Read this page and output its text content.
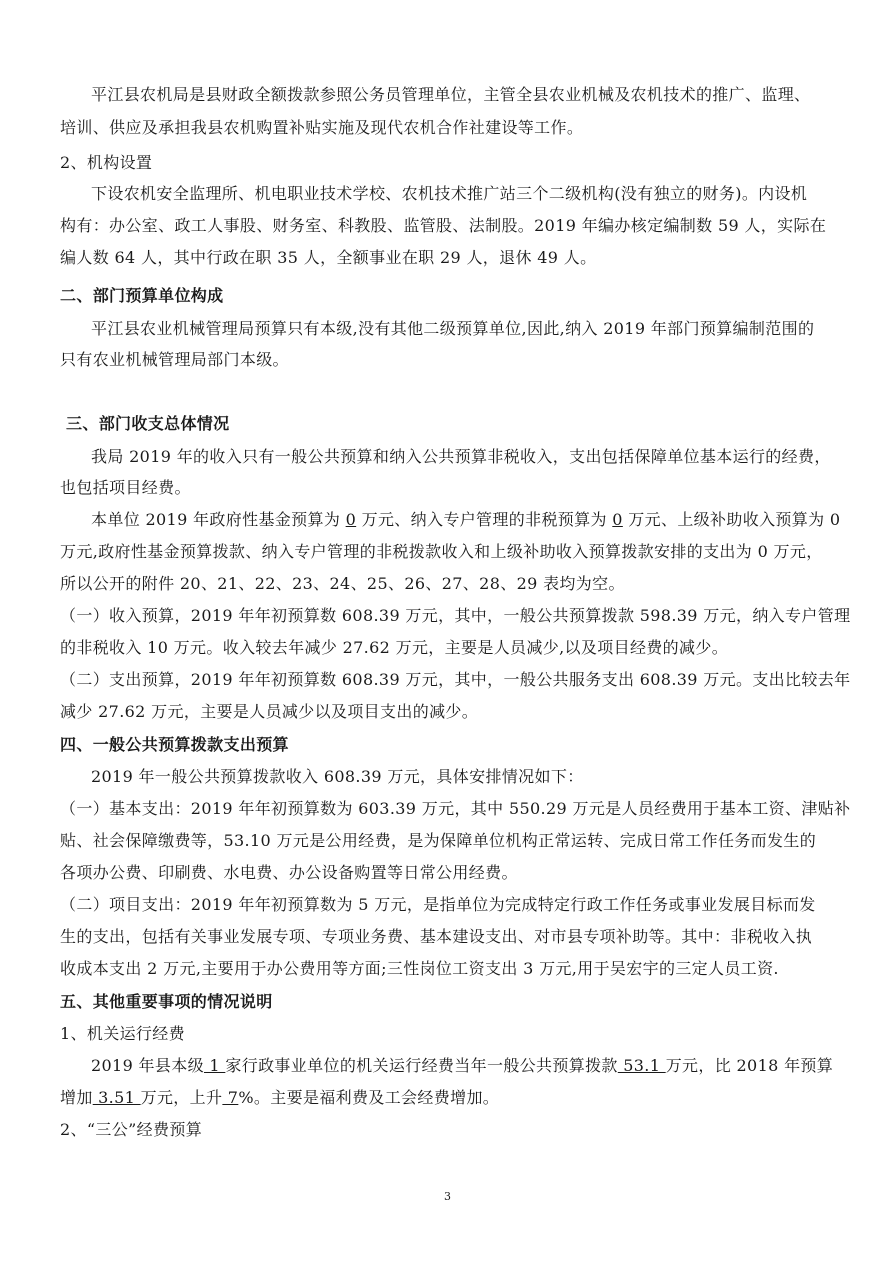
平江县农机局是县财政全额拨款参照公务员管理单位，主管全县农业机械及农机技术的推广、监理、
培训、供应及承担我县农机购置补贴实施及现代农机合作社建设等工作。
2、机构设置
下设农机安全监理所、机电职业技术学校、农机技术推广站三个二级机构(没有独立的财务)。内设机
构有：办公室、政工人事股、财务室、科教股、监管股、法制股。2019 年编办核定编制数 59 人，实际在
编人数 64 人，其中行政在职 35 人，全额事业在职 29 人，退休 49 人。
二、部门预算单位构成
平江县农业机械管理局预算只有本级,没有其他二级预算单位,因此,纳入 2019 年部门预算编制范围的
只有农业机械管理局部门本级。
三、部门收支总体情况
我局 2019 年的收入只有一般公共预算和纳入公共预算非税收入，支出包括保障单位基本运行的经费，
也包括项目经费。
本单位 2019 年政府性基金预算为 0 万元、纳入专户管理的非税预算为 0 万元、上级补助收入预算为 0
万元,政府性基金预算拨款、纳入专户管理的非税拨款收入和上级补助收入预算拨款安排的支出为 0 万元，
所以公开的附件 20、21、22、23、24、25、26、27、28、29 表均为空。
（一）收入预算，2019 年年初预算数 608.39 万元，其中，一般公共预算拨款 598.39 万元，纳入专户管理
的非税收入 10 万元。收入较去年减少 27.62 万元，主要是人员减少,以及项目经费的减少。
（二）支出预算，2019 年年初预算数 608.39 万元，其中，一般公共服务支出 608.39 万元。支出比较去年
减少 27.62 万元，主要是人员减少以及项目支出的减少。
四、一般公共预算拨款支出预算
2019 年一般公共预算拨款收入 608.39 万元，具体安排情况如下：
（一）基本支出：2019 年年初预算数为 603.39 万元，其中 550.29 万元是人员经费用于基本工资、津贴补
贴、社会保障缴费等，53.10 万元是公用经费，是为保障单位机构正常运转、完成日常工作任务而发生的
各项办公费、印刷费、水电费、办公设备购置等日常公用经费。
（二）项目支出：2019 年年初预算数为 5 万元，是指单位为完成特定行政工作任务或事业发展目标而发
生的支出，包括有关事业发展专项、专项业务费、基本建设支出、对市县专项补助等。其中：非税收入执
收成本支出 2 万元,主要用于办公费用等方面;三性岗位工资支出 3 万元,用于吴宏宇的三定人员工资.
五、其他重要事项的情况说明
1、机关运行经费
2019 年县本级 1 家行政事业单位的机关运行经费当年一般公共预算拨款 53.1 万元，比 2018 年预算
增加 3.51 万元，上升 7%。主要是福利费及工会经费增加。
2、“三公”经费预算
3
